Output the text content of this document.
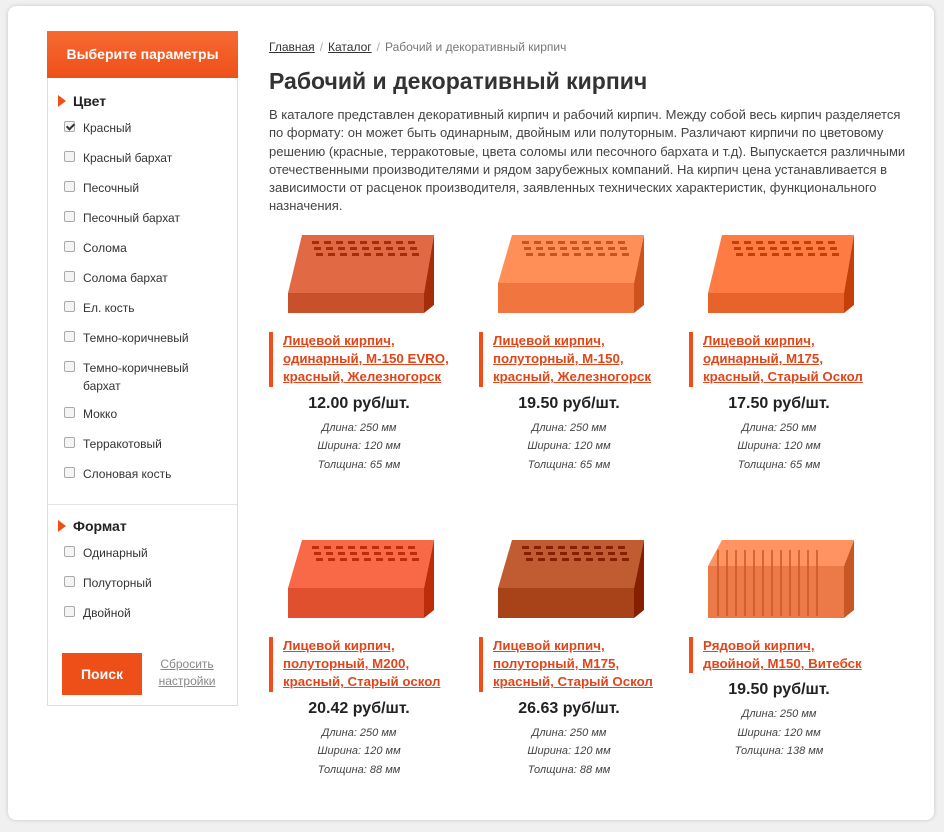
Выберите параметры
Цвет
Красный
Красный бархат
Песочный
Песочный бархат
Солома
Солома бархат
Ел. кость
Темно-коричневый
Темно-коричневый бархат
Мокко
Терракотовый
Слоновая кость
Формат
Одинарный
Полуторный
Двойной
Поиск
Сбросить настройки
Главная / Каталог / Рабочий и декоративный кирпич
Рабочий и декоративный кирпич
В каталоге представлен декоративный кирпич и рабочий кирпич. Между собой весь кирпич разделяется по формату: он может быть одинарным, двойным или полуторным. Различают кирпичи по цветовому решению (красные, терракотовые, цвета соломы или песочного бархата и т.д). Выпускается различными отечественными производителями и рядом зарубежных компаний. На кирпич цена устанавливается в зависимости от расценок производителя, заявленных технических характеристик, функционального назначения.
Лицевой кирпич, одинарный, М-150 EVRO, красный, Железногорск
12.00 руб/шт.
Длина: 250 мм
Ширина: 120 мм
Толщина: 65 мм
Лицевой кирпич, полуторный, М-150, красный, Железногорск
19.50 руб/шт.
Длина: 250 мм
Ширина: 120 мм
Толщина: 65 мм
Лицевой кирпич, одинарный, М175, красный, Старый Оскол
17.50 руб/шт.
Длина: 250 мм
Ширина: 120 мм
Толщина: 65 мм
Лицевой кирпич, полуторный, М200, красный, Старый оскол
20.42 руб/шт.
Длина: 250 мм
Ширина: 120 мм
Толщина: 88 мм
Лицевой кирпич, полуторный, М175, красный, Старый Оскол
26.63 руб/шт.
Длина: 250 мм
Ширина: 120 мм
Толщина: 88 мм
Рядовой кирпич, двойной, М150, Витебск
19.50 руб/шт.
Длина: 250 мм
Ширина: 120 мм
Толщина: 138 мм
